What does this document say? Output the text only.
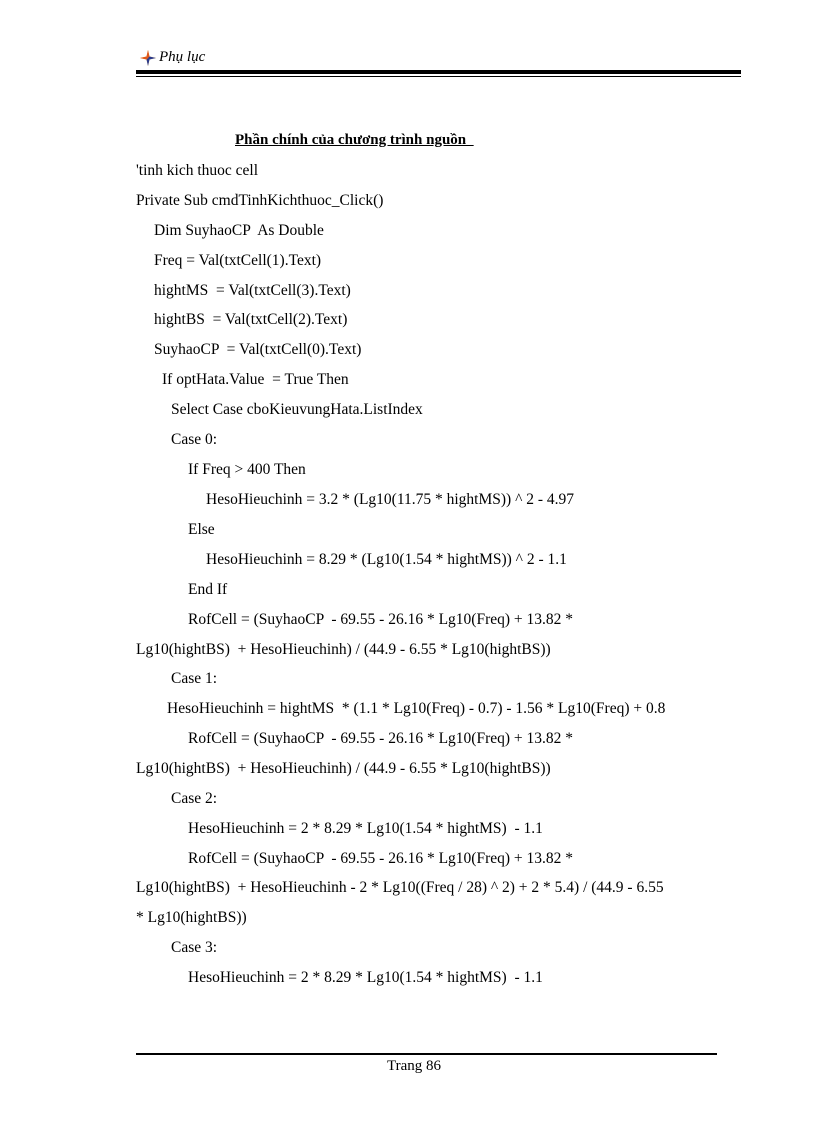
Phụ lục
Phần chính của chương trình nguồn
'tinh kich thuoc cell
Private Sub cmdTinhKichthuoc_Click()
Dim SuyhaoCP  As Double
Freq = Val(txtCell(1).Text)
hightMS  = Val(txtCell(3).Text)
hightBS  = Val(txtCell(2).Text)
SuyhaoCP  = Val(txtCell(0).Text)
If optHata.Value  = True Then
Select Case cboKieuvungHata.ListIndex
Case 0:
If Freq > 400 Then
HesoHieuchinh = 3.2 * (Lg10(11.75 * hightMS)) ^ 2 - 4.97
Else
HesoHieuchinh = 8.29 * (Lg10(1.54 * hightMS)) ^ 2 - 1.1
End If
RofCell = (SuyhaoCP  - 69.55 - 26.16 * Lg10(Freq) + 13.82 *
Lg10(hightBS)  + HesoHieuchinh) / (44.9 - 6.55 * Lg10(hightBS))
Case 1:
HesoHieuchinh = hightMS  * (1.1 * Lg10(Freq) - 0.7) - 1.56 * Lg10(Freq) + 0.8
RofCell = (SuyhaoCP  - 69.55 - 26.16 * Lg10(Freq) + 13.82 *
Lg10(hightBS)  + HesoHieuchinh) / (44.9 - 6.55 * Lg10(hightBS))
Case 2:
HesoHieuchinh = 2 * 8.29 * Lg10(1.54 * hightMS)  - 1.1
RofCell = (SuyhaoCP  - 69.55 - 26.16 * Lg10(Freq) + 13.82 *
Lg10(hightBS)  + HesoHieuchinh - 2 * Lg10((Freq / 28) ^ 2) + 2 * 5.4) / (44.9 - 6.55
* Lg10(hightBS))
Case 3:
HesoHieuchinh = 2 * 8.29 * Lg10(1.54 * hightMS)  - 1.1
Trang 86
